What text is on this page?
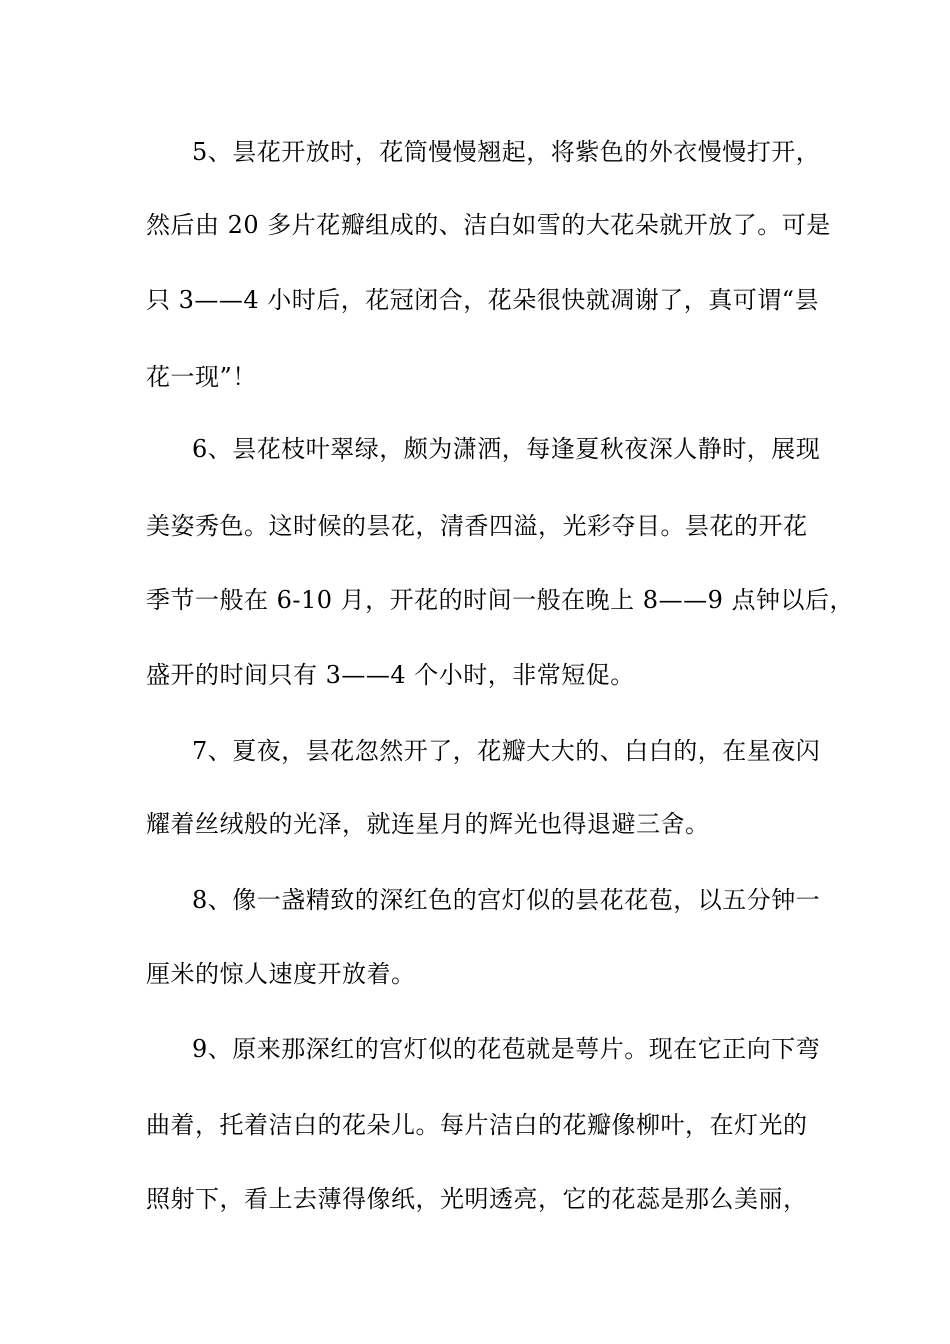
5、昙花开放时，花筒慢慢翘起，将紫色的外衣慢慢打开，
然后由 20 多片花瓣组成的、洁白如雪的大花朵就开放了。可是
只 3——4 小时后，花冠闭合，花朵很快就凋谢了，真可谓“昙
花一现”！
6、昙花枝叶翠绿，颇为潇洒，每逢夏秋夜深人静时，展现
美姿秀色。这时候的昙花，清香四溢，光彩夺目。昙花的开花
季节一般在 6-10 月，开花的时间一般在晚上 8——9 点钟以后，
盛开的时间只有 3——4 个小时，非常短促。
7、夏夜，昙花忽然开了，花瓣大大的、白白的，在星夜闪
耀着丝绒般的光泽，就连星月的辉光也得退避三舍。
8、像一盏精致的深红色的宫灯似的昙花花苞，以五分钟一
厘米的惊人速度开放着。
9、原来那深红的宫灯似的花苞就是萼片。现在它正向下弯
曲着，托着洁白的花朵儿。每片洁白的花瓣像柳叶，在灯光的
照射下，看上去薄得像纸，光明透亮，它的花蕊是那么美丽，
